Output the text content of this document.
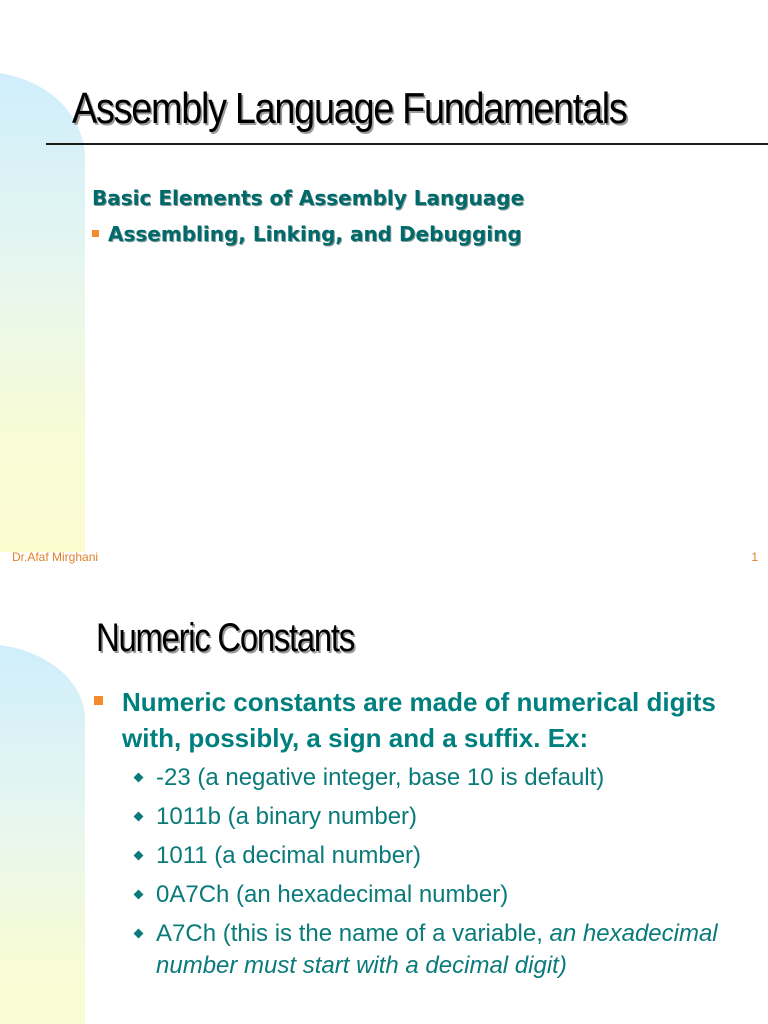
Assembly Language Fundamentals
Basic Elements of Assembly Language
Assembling, Linking, and Debugging
Dr.Afaf Mirghani	1
Numeric Constants
Numeric constants are made of numerical digits with, possibly, a sign and a suffix. Ex:
-23 (a negative integer, base 10 is default)
1011b (a binary number)
1011 (a decimal number)
0A7Ch (an hexadecimal number)
A7Ch (this is the name of a variable, an hexadecimal number must start with a decimal digit)
